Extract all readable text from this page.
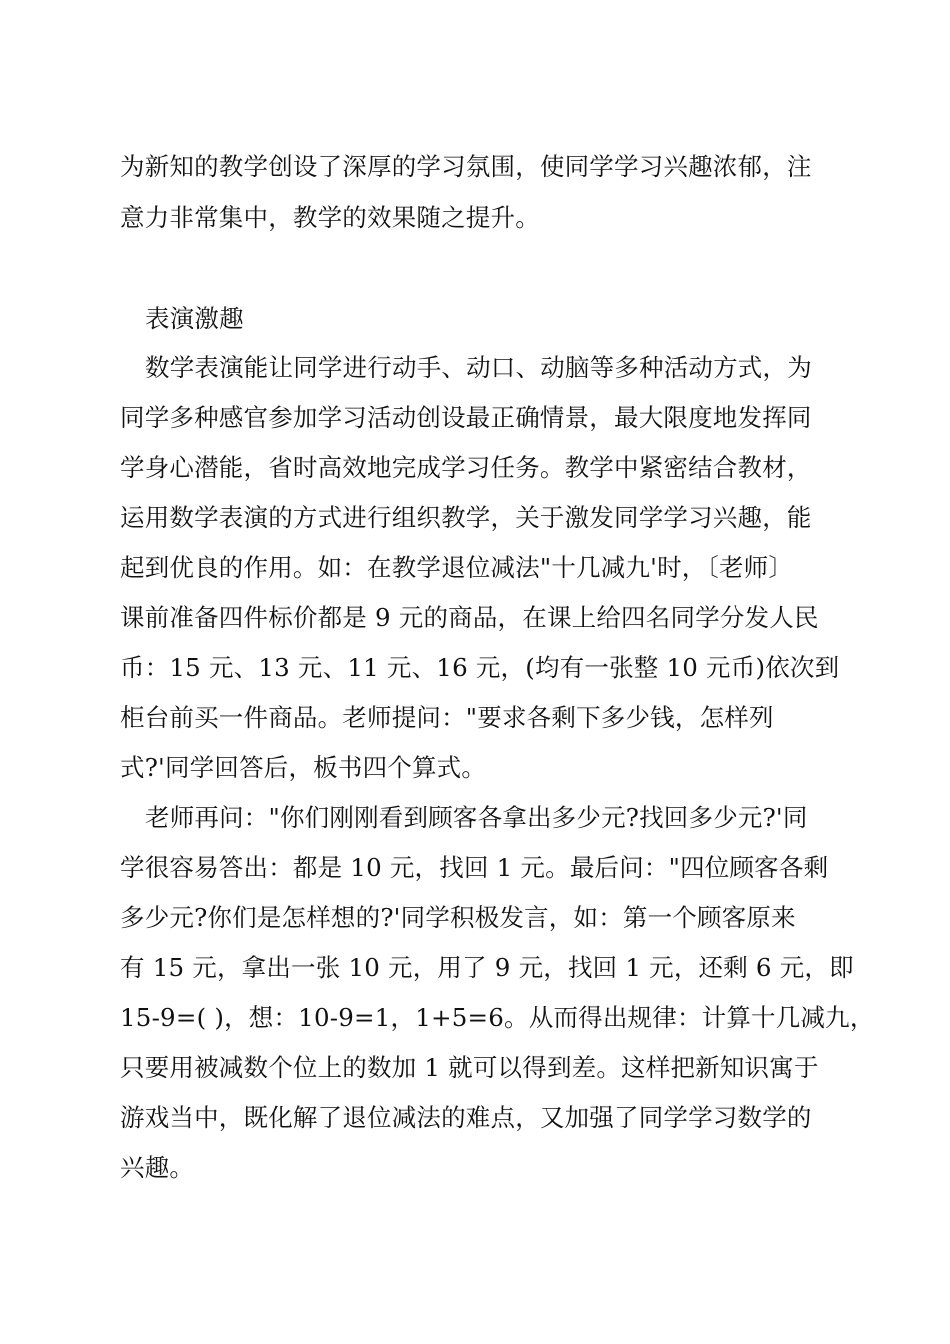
为新知的教学创设了深厚的学习氛围，使同学学习兴趣浓郁，注
意力非常集中，教学的效果随之提升。
表演激趣
数学表演能让同学进行动手、动口、动脑等多种活动方式，为
同学多种感官参加学习活动创设最正确情景，最大限度地发挥同
学身心潜能，省时高效地完成学习任务。教学中紧密结合教材，
运用数学表演的方式进行组织教学，关于激发同学学习兴趣，能
起到优良的作用。如：在教学退位减法"十几减九'时，〔老师〕
课前准备四件标价都是 9 元的商品，在课上给四名同学分发人民
币：15 元、13 元、11 元、16 元，(均有一张整 10 元币)依次到
柜台前买一件商品。老师提问："要求各剩下多少钱，怎样列
式?'同学回答后，板书四个算式。
老师再问："你们刚刚看到顾客各拿出多少元?找回多少元?'同
学很容易答出：都是 10 元，找回 1 元。最后问："四位顾客各剩
多少元?你们是怎样想的?'同学积极发言，如：第一个顾客原来
有 15 元，拿出一张 10 元，用了 9 元，找回 1 元，还剩 6 元，即
15-9=( )，想：10-9=1，1+5=6。从而得出规律：计算十几减九，
只要用被减数个位上的数加 1 就可以得到差。这样把新知识寓于
游戏当中，既化解了退位减法的难点，又加强了同学学习数学的
兴趣。
